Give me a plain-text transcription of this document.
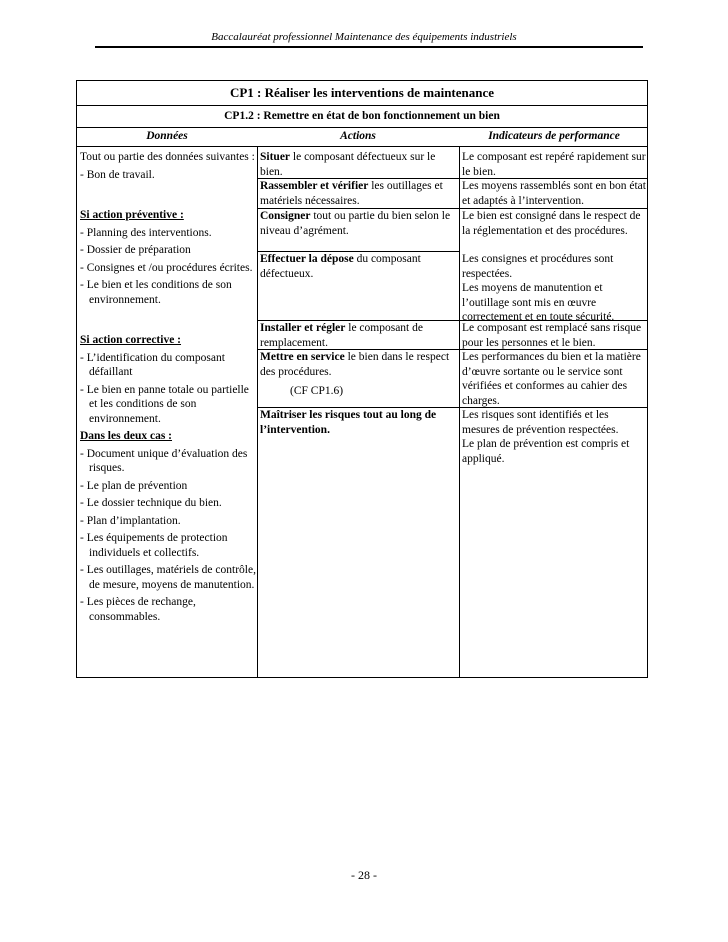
Baccalauréat professionnel Maintenance des équipements industriels
CP1 : Réaliser les interventions de maintenance
CP1.2 : Remettre en état de bon fonctionnement un bien
Données	Actions	Indicateurs de performance

Tout ou partie des données suivantes :

- Bon de travail.

Si action préventive :

- Planning des interventions.

- Dossier de préparation

- Consignes et /ou procédures écrites.

- Le bien et les conditions de son environnement.

Si action corrective :

- L’identification du composant défaillant

- Le bien en panne totale ou partielle et les conditions de son environnement.

Dans les deux cas :

- Document unique d’évaluation des risques.

- Le plan de prévention

- Le dossier technique du bien.

- Plan d’implantation.

- Les équipements de protection individuels et collectifs.

- Les outillages, matériels de contrôle, de mesure, moyens de manutention.

- Les pièces de rechange, consommables.

Situer le composant défectueux sur le bien.
Le composant est repéré rapidement sur le bien.
Rassembler et vérifier les outillages et matériels nécessaires.
Les moyens rassemblés sont en bon état et adaptés à l’intervention.
Consigner tout ou partie du bien selon le niveau d’agrément.
Le bien est consigné dans le respect de la réglementation et des procédures.
Effectuer la dépose du composant défectueux.
Les consignes et procédures sont respectées.
Les moyens de manutention et l’outillage sont mis en œuvre correctement et en toute sécurité.
Installer et régler le composant de remplacement.
Le composant est remplacé sans risque pour les personnes et le bien.
Mettre en service le bien dans le respect des procédures.
(CF CP1.6)
Les performances du bien et la matière d’œuvre sortante ou le service sont vérifiées et conformes au cahier des charges.
Maîtriser les risques tout au long de l’intervention.
Les risques sont identifiés et les mesures de prévention respectées.
Le plan de prévention est compris et appliqué.
- 28 -
